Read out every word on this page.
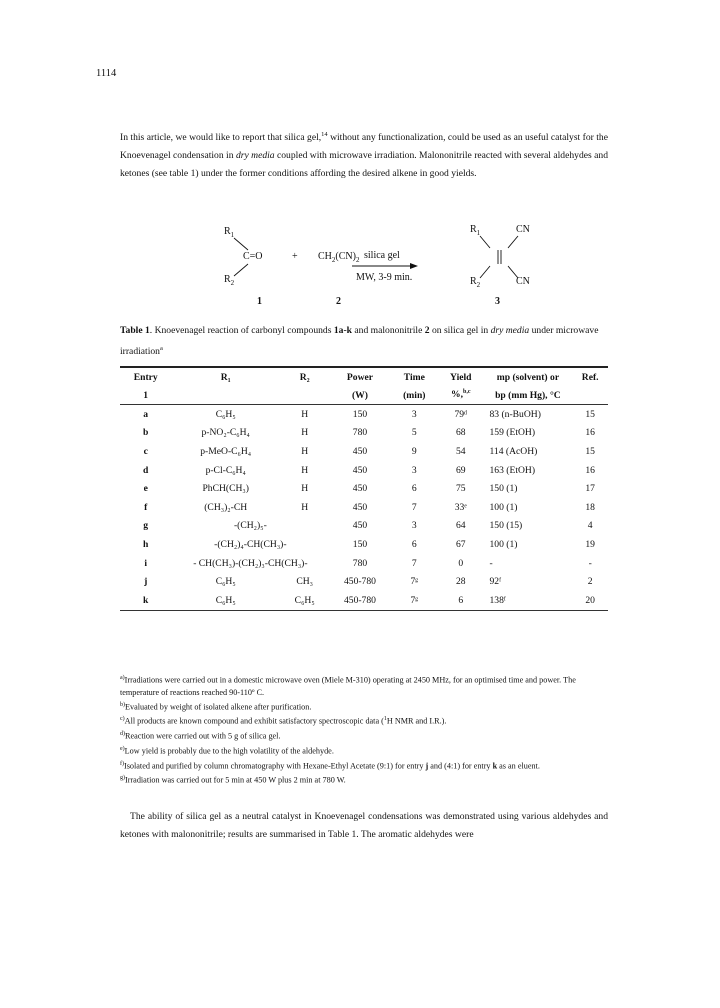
1114

In this article, we would like to report that silica gel,$^{14}$ without any functionalization, could be used as an useful catalyst for the Knoevenagel condensation in dry media coupled with microwave irradiation. Malononitrile reacted with several aldehydes and ketones (see table 1) under the former conditions affording the desired alkene in good yields.

$R_1$
C=O
$R_2$
+ $CH_2(CN)_2$ silica gel
MW, 3-9 min.
$R_1$	CN
$R_2$	CN
1	2	3

Table 1. Knoevenagel reaction of carbonyl compounds 1a-k and malononitrile 2 on silica gel in dry media under microwave irradiation$^a$

Entry	R₁	R₂	Power	Time	Yield	mp (solvent) or	Ref.
1			(W)	(min)	%,$^{b,c}$	bp (mm Hg), °C	
a	C₆H₅	H	150	3	79ᵈ	83 (n-BuOH)	15
b	p-NO₂-C₆H₄	H	780	5	68	159 (EtOH)	16
c	p-MeO-C₆H₄	H	450	9	54	114 (AcOH)	15
d	p-Cl-C₆H₄	H	450	3	69	163 (EtOH)	16
e	PhCH(CH₃)	H	450	6	75	150 (1)	17
f	(CH₃)₂-CH	H	450	7	33ᵉ	100 (1)	18
g	-(CH₂)₅-		450	3	64	150 (15)	4
h	-(CH₂)₄-CH(CH₃)-		150	6	67	100 (1)	19
i	- CH(CH₃)-(CH₂)₃-CH(CH₃)-		780	7	0	-	-
j	C₆H₅	CH₃	450-780	7ᵍ	28	92ᶠ	2
k	C₆H₅	C₆H₅	450-780	7ᵍ	6	138ᶠ	20

$^{a)}$Irradiations were carried out in a domestic microwave oven (Miele M-310) operating at 2450 MHz, for an optimised time and power. The temperature of reactions reached 90-110º C.

$^{b)}$Evaluated by weight of isolated alkene after purification.

$^{c)}$All products are known compound and exhibit satisfactory spectroscopic data ($^1$H NMR and I.R.).

$^{d)}$Reaction were carried out with 5 g of silica gel.

$^{e)}$Low yield is probably due to the high volatility of the aldehyde.

$^{f)}$Isolated and purified by column chromatography with Hexane-Ethyl Acetate (9:1) for entry j and (4:1) for entry k as an eluent.

$^{g)}$Irradiation was carried out for 5 min at 450 W plus 2 min at 780 W.

The ability of silica gel as a neutral catalyst in Knoevenagel condensations was demonstrated using various aldehydes and ketones with malononitrile; results are summarised in Table 1. The aromatic aldehydes were
